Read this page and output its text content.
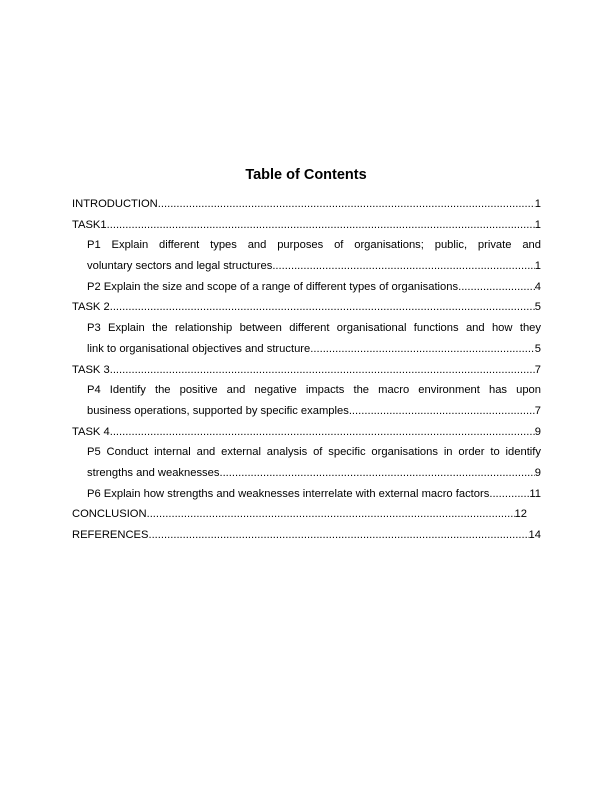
Table of Contents
INTRODUCTION .....	1
TASK1 .....	1
P1 Explain different types and purposes of organisations; public, private and
voluntary sectors and legal structures .....	1
P2 Explain the size and scope of a range of different types of organisations .....	4
TASK 2 .....	5
P3 Explain the relationship between different organisational functions and how they
link to organisational objectives and structure .....	5
TASK 3 .....	7
P4 Identify the positive and negative impacts the macro environment has upon
business operations, supported by specific examples .....	7
TASK 4 .....	9
P5 Conduct internal and external analysis of specific organisations in order to identify
strengths and weaknesses .....	9
P6 Explain how strengths and weaknesses interrelate with external macro factors .....	11
CONCLUSION .....	12
REFERENCES .....	14
